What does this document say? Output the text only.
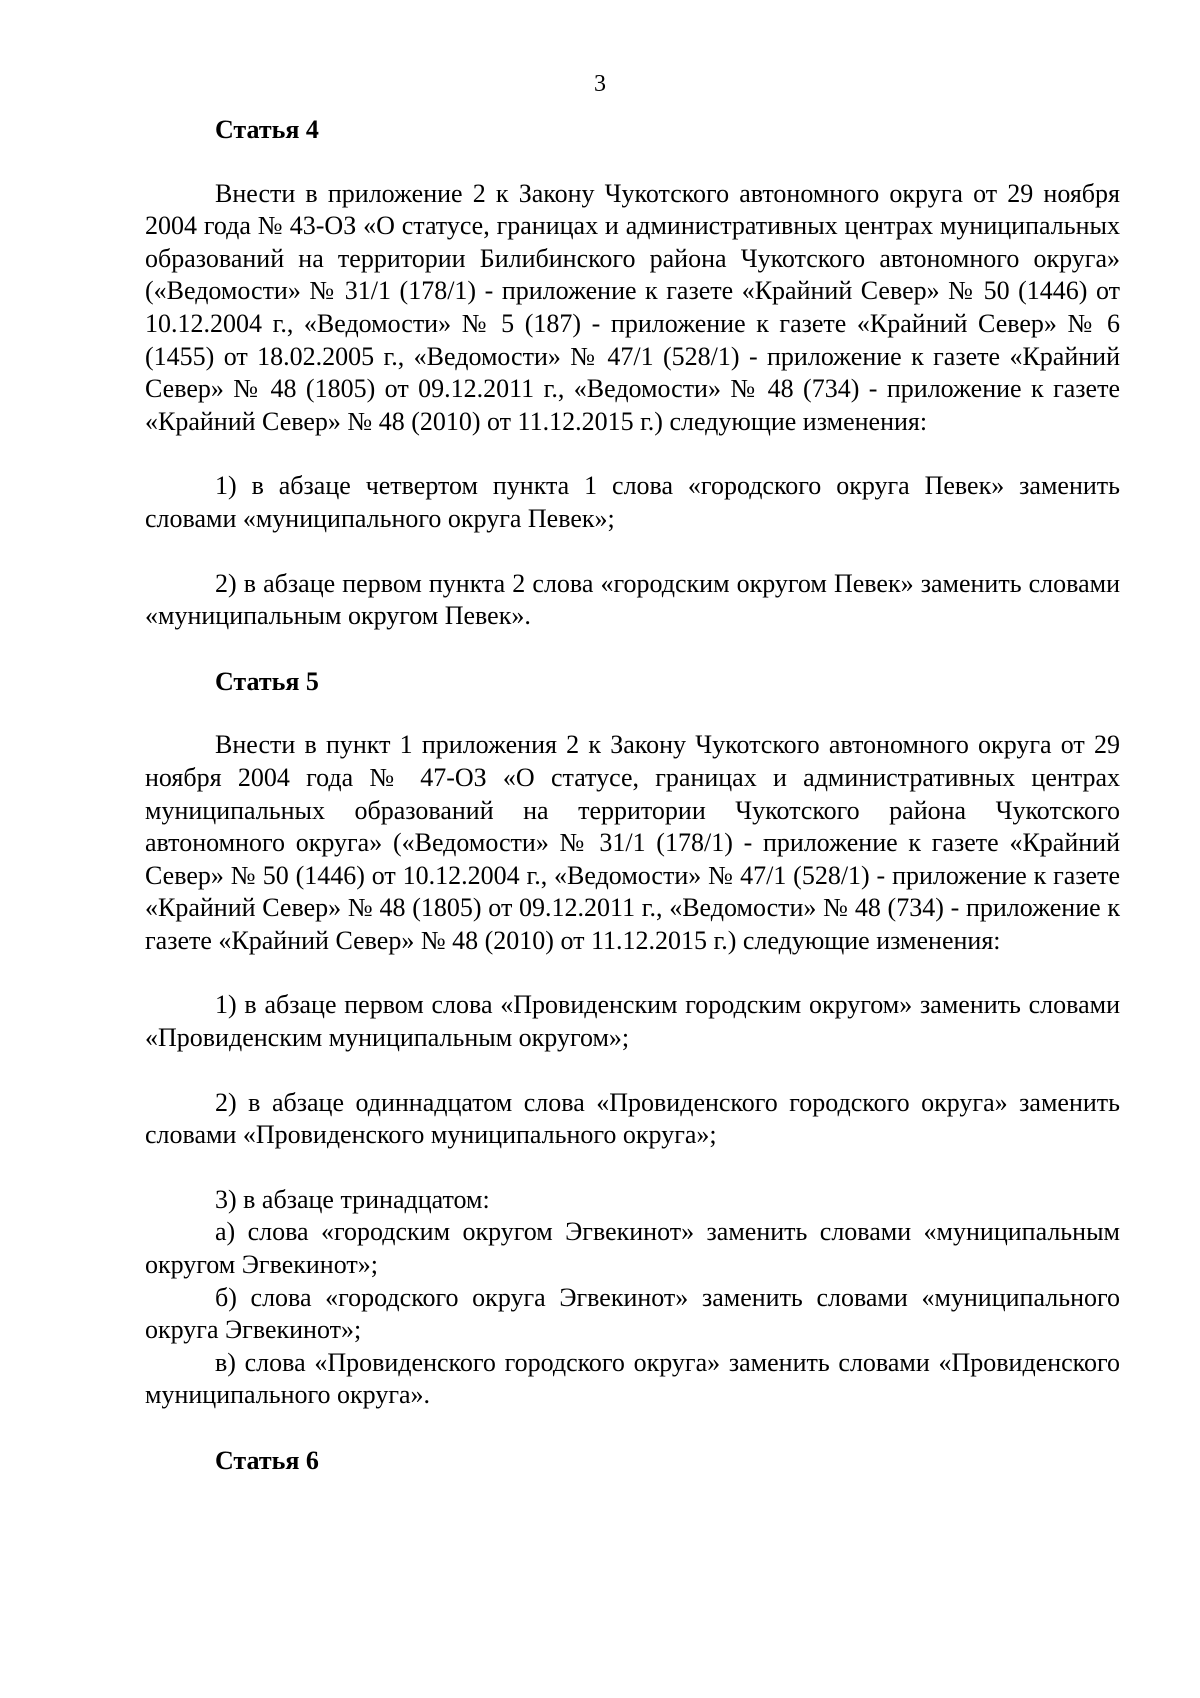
3

Статья 4

Внести в приложение 2 к Закону Чукотского автономного округа от 29 ноября 2004 года № 43-ОЗ «О статусе, границах и административных центрах муниципальных образований на территории Билибинского района Чукотского автономного округа» («Ведомости» № 31/1 (178/1) - приложение к газете «Крайний Север» № 50 (1446) от 10.12.2004 г., «Ведомости» № 5 (187) - приложение к газете «Крайний Север» № 6 (1455) от 18.02.2005 г., «Ведомости» № 47/1 (528/1) - приложение к газете «Крайний Север» № 48 (1805) от 09.12.2011 г., «Ведомости» № 48 (734) - приложение к газете «Крайний Север» № 48 (2010) от 11.12.2015 г.) следующие изменения:

1) в абзаце четвертом пункта 1 слова «городского округа Певек» заменить словами «муниципального округа Певек»;

2) в абзаце первом пункта 2 слова «городским округом Певек» заменить словами «муниципальным округом Певек».

Статья 5

Внести в пункт 1 приложения 2 к Закону Чукотского автономного округа от 29 ноября 2004 года № 47-ОЗ «О статусе, границах и административных центрах муниципальных образований на территории Чукотского района Чукотского автономного округа» («Ведомости» № 31/1 (178/1) - приложение к газете «Крайний Север» № 50 (1446) от 10.12.2004 г., «Ведомости» № 47/1 (528/1) - приложение к газете «Крайний Север» № 48 (1805) от 09.12.2011 г., «Ведомости» № 48 (734) - приложение к газете «Крайний Север» № 48 (2010) от 11.12.2015 г.) следующие изменения:

1) в абзаце первом слова «Провиденским городским округом» заменить словами «Провиденским муниципальным округом»;

2) в абзаце одиннадцатом слова «Провиденского городского округа» заменить словами «Провиденского муниципального округа»;

3) в абзаце тринадцатом:

а) слова «городским округом Эгвекинот» заменить словами «муниципальным округом Эгвекинот»;

б) слова «городского округа Эгвекинот» заменить словами «муниципального округа Эгвекинот»;

в) слова «Провиденского городского округа» заменить словами «Провиденского муниципального округа».

Статья 6
